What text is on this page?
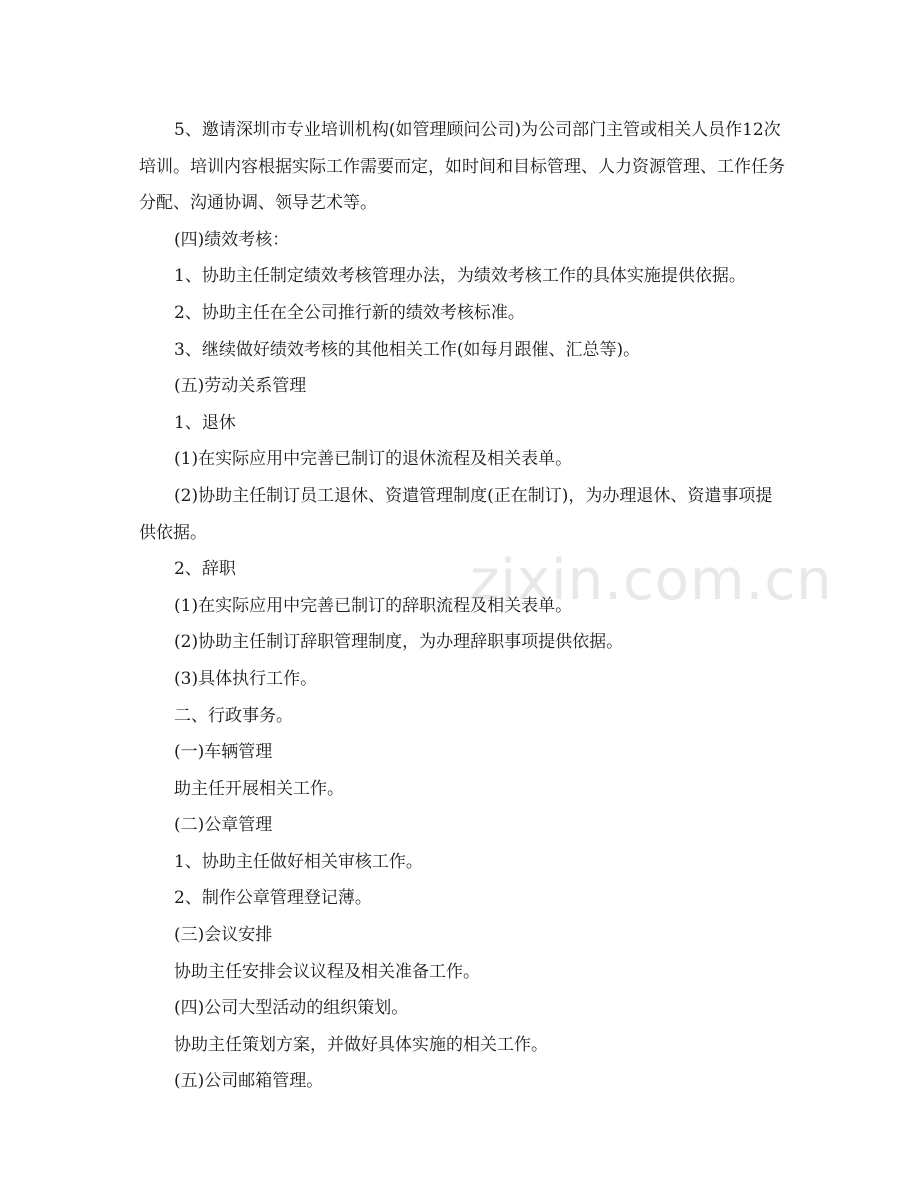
5、邀请深圳市专业培训机构(如管理顾问公司)为公司部门主管或相关人员作12次培训。培训内容根据实际工作需要而定，如时间和目标管理、人力资源管理、工作任务分配、沟通协调、领导艺术等。

(四)绩效考核：

1、协助主任制定绩效考核管理办法，为绩效考核工作的具体实施提供依据。

2、协助主任在全公司推行新的绩效考核标准。

3、继续做好绩效考核的其他相关工作(如每月跟催、汇总等)。

(五)劳动关系管理

1、退休

(1)在实际应用中完善已制订的退休流程及相关表单。

(2)协助主任制订员工退休、资遣管理制度(正在制订)，为办理退休、资遣事项提供依据。

2、辞职

(1)在实际应用中完善已制订的辞职流程及相关表单。

(2)协助主任制订辞职管理制度，为办理辞职事项提供依据。

(3)具体执行工作。

二、行政事务。

(一)车辆管理

助主任开展相关工作。

(二)公章管理

1、协助主任做好相关审核工作。

2、制作公章管理登记薄。

(三)会议安排

协助主任安排会议议程及相关准备工作。

(四)公司大型活动的组织策划。

协助主任策划方案，并做好具体实施的相关工作。

(五)公司邮箱管理。

zixin.com.cn
